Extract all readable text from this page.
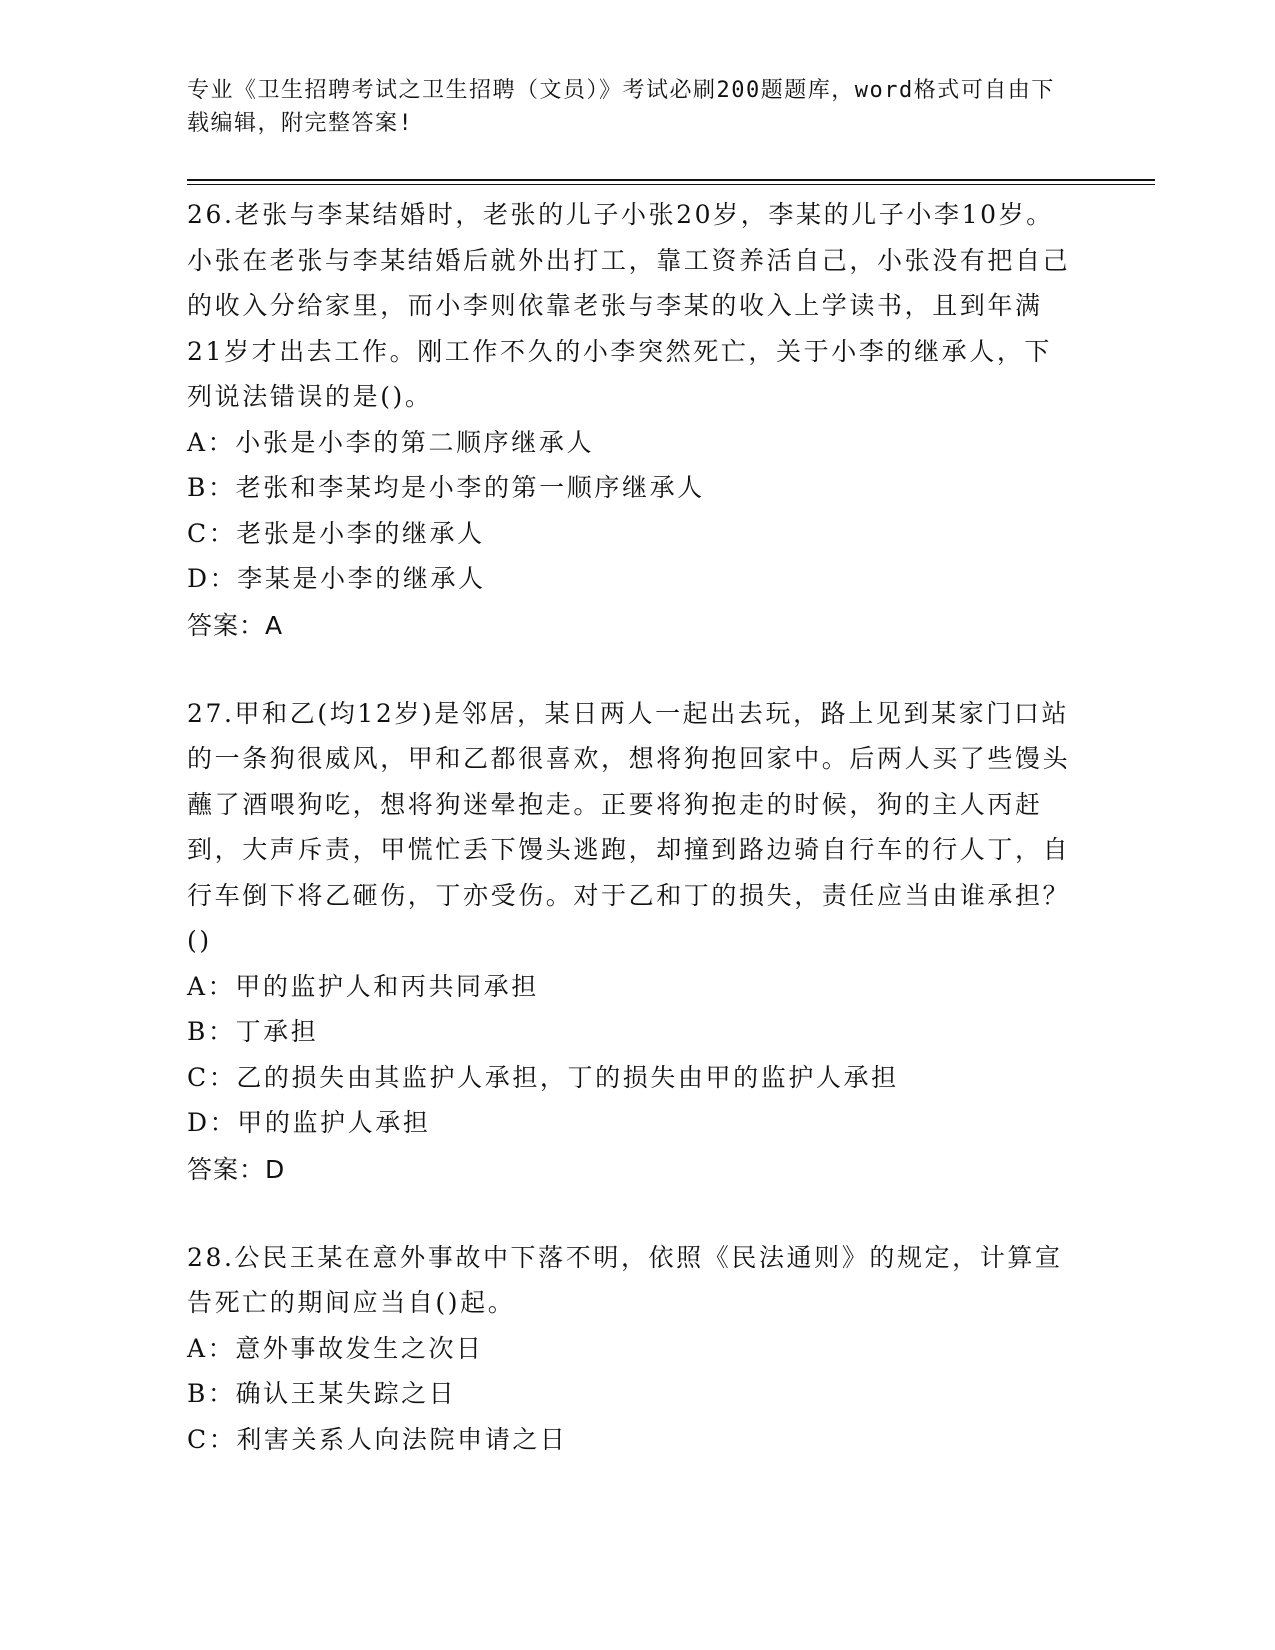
专业《卫生招聘考试之卫生招聘（文员）》考试必刷200题题库，word格式可自由下载编辑，附完整答案!

26.老张与李某结婚时，老张的儿子小张20岁，李某的儿子小李10岁。小张在老张与李某结婚后就外出打工，靠工资养活自己，小张没有把自己的收入分给家里，而小李则依靠老张与李某的收入上学读书，且到年满21岁才出去工作。刚工作不久的小李突然死亡，关于小李的继承人，下列说法错误的是()。

A：小张是小李的第二顺序继承人

B：老张和李某均是小李的第一顺序继承人

C：老张是小李的继承人

D：李某是小李的继承人

答案：A

27.甲和乙(均12岁)是邻居，某日两人一起出去玩，路上见到某家门口站的一条狗很威风，甲和乙都很喜欢，想将狗抱回家中。后两人买了些馒头蘸了酒喂狗吃，想将狗迷晕抱走。正要将狗抱走的时候，狗的主人丙赶到，大声斥责，甲慌忙丢下馒头逃跑，却撞到路边骑自行车的行人丁，自行车倒下将乙砸伤，丁亦受伤。对于乙和丁的损失，责任应当由谁承担？()

A：甲的监护人和丙共同承担

B：丁承担

C：乙的损失由其监护人承担，丁的损失由甲的监护人承担

D：甲的监护人承担

答案：D

28.公民王某在意外事故中下落不明，依照《民法通则》的规定，计算宣告死亡的期间应当自()起。

A：意外事故发生之次日

B：确认王某失踪之日

C：利害关系人向法院申请之日
